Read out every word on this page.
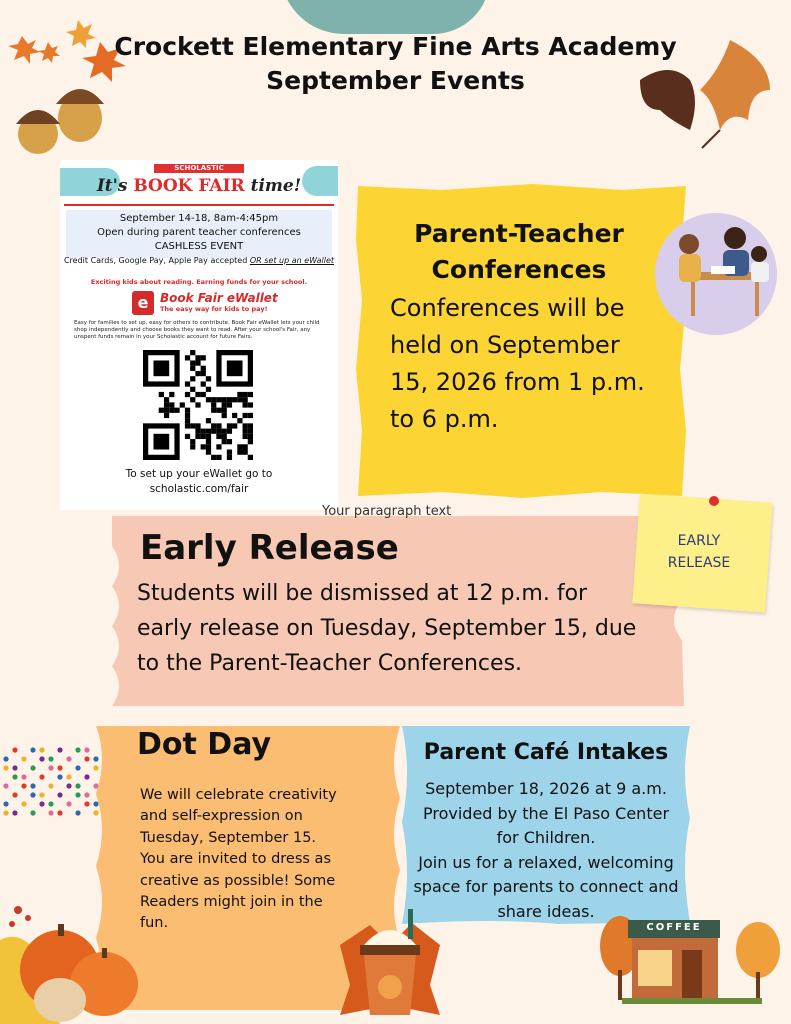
Crockett Elementary Fine Arts Academy
September Events
SCHOLASTIC
It's BOOK FAIR time!
September 14-18, 8am-4:45pm
Open during parent teacher conferences
CASHLESS EVENT
Credit Cards, Google Pay, Apple Pay accepted OR set up an eWallet
Exciting kids about reading. Earning funds for your school.
e Book Fair eWallet
The easy way for kids to pay!
Easy for families to set up, easy for others to contribute. Book Fair eWallet lets your child shop independently and choose books they want to read. After your school's Fair, any unspent funds remain in your Scholastic account for future Fairs.
To set up your eWallet go to
scholastic.com/fair
Parent-Teacher Conferences
Conferences will be held on September 15, 2026 from 1 p.m. to 6 p.m.
Your paragraph text
Early Release
Students will be dismissed at 12 p.m. for early release on Tuesday, September 15, due to the Parent-Teacher Conferences.
EARLY RELEASE
Dot Day
We will celebrate creativity and self-expression on Tuesday, September 15. You are invited to dress as creative as possible! Some Readers might join in the fun.
Parent Café Intakes
September 18, 2026 at 9 a.m.
Provided by the El Paso Center for Children.
Join us for a relaxed, welcoming space for parents to connect and share ideas.
COFFEE
